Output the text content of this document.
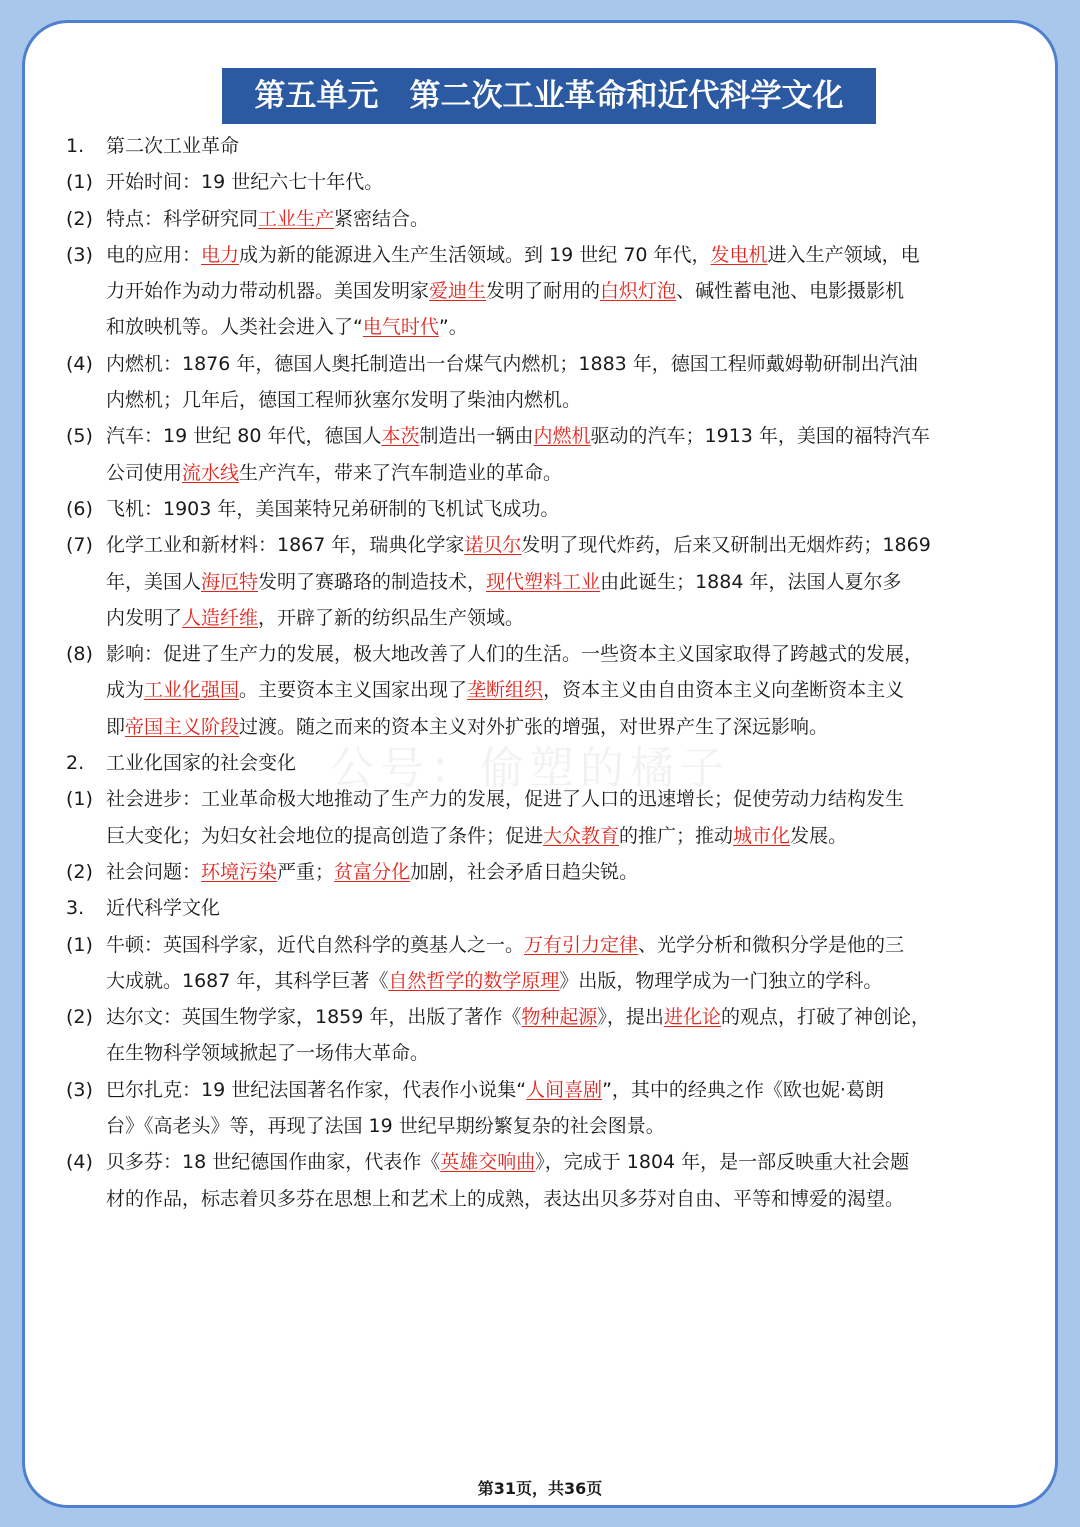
第五单元　第二次工业革命和近代科学文化
1.	第二次工业革命
(1) 开始时间：19 世纪六七十年代。
(2) 特点：科学研究同工业生产紧密结合。
(3) 电的应用：电力成为新的能源进入生产生活领域。到 19 世纪 70 年代，发电机进入生产领域，电
力开始作为动力带动机器。美国发明家爱迪生发明了耐用的白炽灯泡、碱性蓄电池、电影摄影机
和放映机等。人类社会进入了“电气时代”。
(4) 内燃机：1876 年，德国人奥托制造出一台煤气内燃机；1883 年，德国工程师戴姆勒研制出汽油
内燃机；几年后，德国工程师狄塞尔发明了柴油内燃机。
(5) 汽车：19 世纪 80 年代，德国人本茨制造出一辆由内燃机驱动的汽车；1913 年，美国的福特汽车
公司使用流水线生产汽车，带来了汽车制造业的革命。
(6) 飞机：1903 年，美国莱特兄弟研制的飞机试飞成功。
(7) 化学工业和新材料：1867 年，瑞典化学家诺贝尔发明了现代炸药，后来又研制出无烟炸药；1869
年，美国人海厄特发明了赛璐珞的制造技术，现代塑料工业由此诞生；1884 年，法国人夏尔多
内发明了人造纤维，开辟了新的纺织品生产领域。
(8) 影响：促进了生产力的发展，极大地改善了人们的生活。一些资本主义国家取得了跨越式的发展，
成为工业化强国。主要资本主义国家出现了垄断组织，资本主义由自由资本主义向垄断资本主义
即帝国主义阶段过渡。随之而来的资本主义对外扩张的增强，对世界产生了深远影响。
2.	工业化国家的社会变化
(1) 社会进步：工业革命极大地推动了生产力的发展，促进了人口的迅速增长；促使劳动力结构发生
巨大变化；为妇女社会地位的提高创造了条件；促进大众教育的推广；推动城市化发展。
(2) 社会问题：环境污染严重；贫富分化加剧，社会矛盾日趋尖锐。
3.	近代科学文化
(1) 牛顿：英国科学家，近代自然科学的奠基人之一。万有引力定律、光学分析和微积分学是他的三
大成就。1687 年，其科学巨著《自然哲学的数学原理》出版，物理学成为一门独立的学科。
(2) 达尔文：英国生物学家，1859 年，出版了著作《物种起源》，提出进化论的观点，打破了神创论，
在生物科学领域掀起了一场伟大革命。
(3) 巴尔扎克：19 世纪法国著名作家，代表作小说集“人间喜剧”，其中的经典之作《欧也妮·葛朗
台》《高老头》等，再现了法国 19 世纪早期纷繁复杂的社会图景。
(4) 贝多芬：18 世纪德国作曲家，代表作《英雄交响曲》，完成于 1804 年，是一部反映重大社会题
材的作品，标志着贝多芬在思想上和艺术上的成熟，表达出贝多芬对自由、平等和博爱的渴望。
公号：偷塑的橘子
第31页，共36页
